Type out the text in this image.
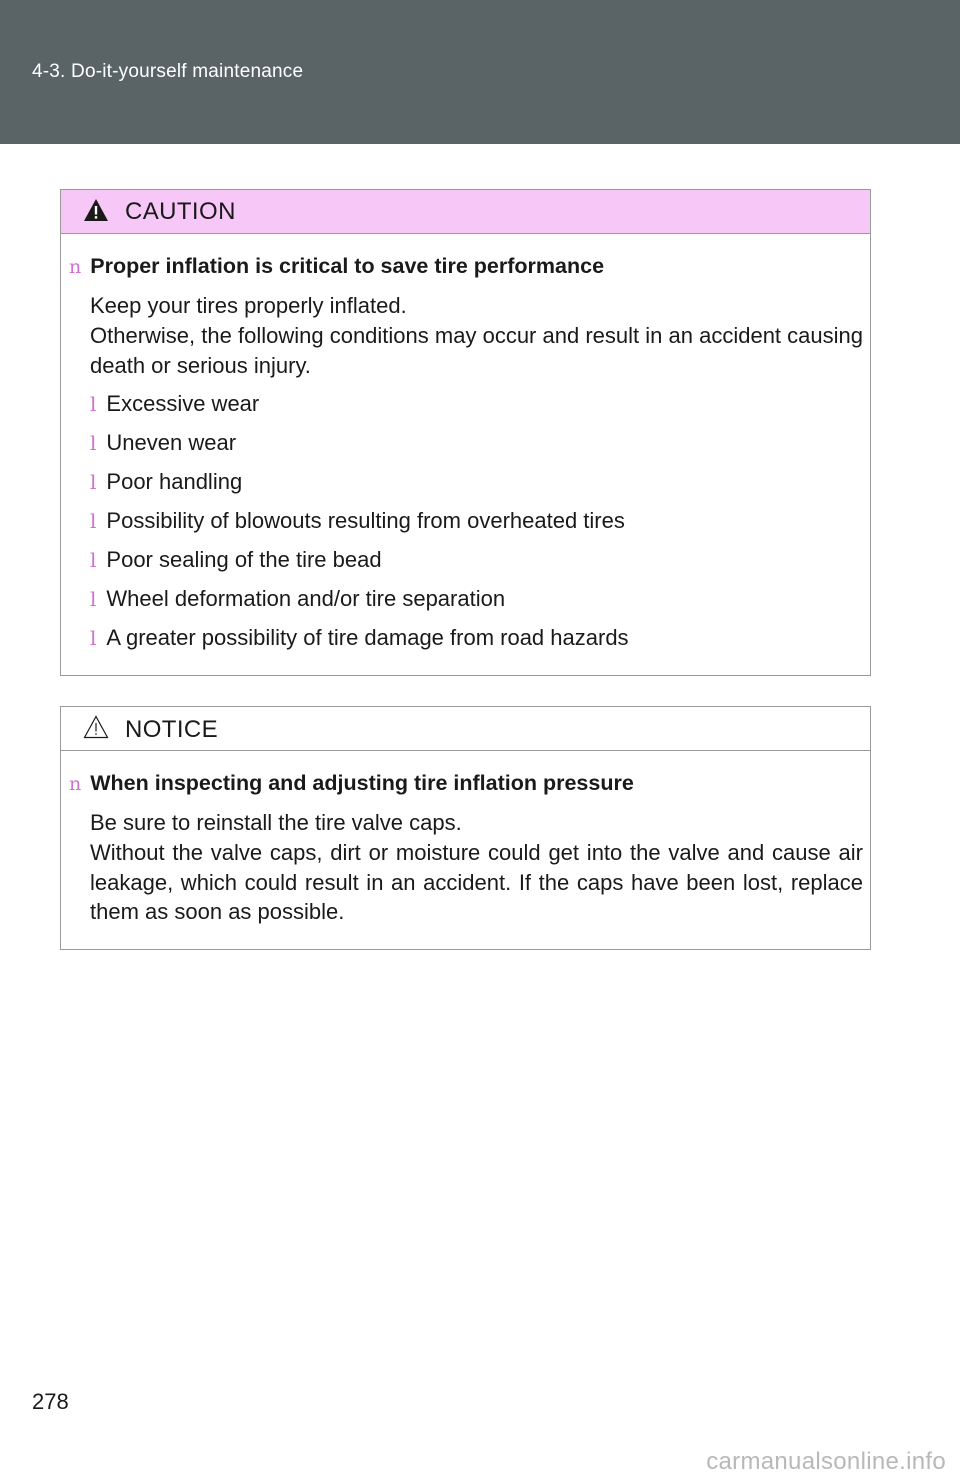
4-3. Do-it-yourself maintenance
CAUTION
n Proper inflation is critical to save tire performance
Keep your tires properly inflated.
Otherwise, the following conditions may occur and result in an accident causing death or serious injury.
l Excessive wear
l Uneven wear
l Poor handling
l Possibility of blowouts resulting from overheated tires
l Poor sealing of the tire bead
l Wheel deformation and/or tire separation
l A greater possibility of tire damage from road hazards
NOTICE
n When inspecting and adjusting tire inflation pressure
Be sure to reinstall the tire valve caps.
Without the valve caps, dirt or moisture could get into the valve and cause air leakage, which could result in an accident. If the caps have been lost, replace them as soon as possible.
278
carmanualsonline.info
